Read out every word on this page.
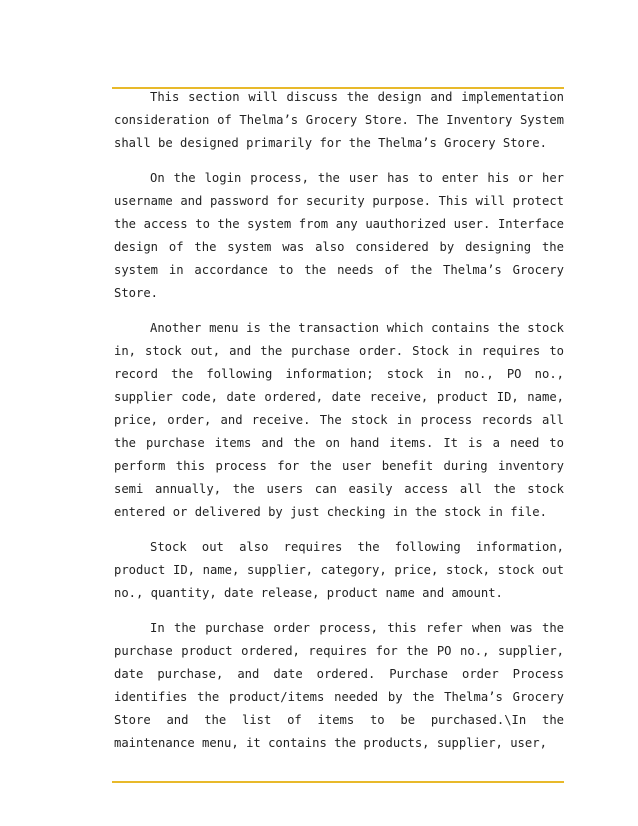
This section will discuss the design and implementation consideration of Thelma’s Grocery Store. The Inventory System shall be designed primarily for the Thelma’s Grocery Store.

On the login process, the user has to enter his or her username and password for security purpose. This will protect the access to the system from any uauthorized user. Interface design of the system was also considered by designing the system in accordance to the needs of the Thelma’s Grocery Store.

Another menu is the transaction which contains the stock in, stock out, and the purchase order. Stock in requires to record the following information; stock in no., PO no., supplier code, date ordered, date receive, product ID, name, price, order, and receive. The stock in process records all the purchase items and the on hand items. It is a need to perform this process for the user benefit during inventory semi annually, the users can easily access all the stock entered or delivered by just checking in the stock in file.

Stock out also requires the following information, product ID, name, supplier, category, price, stock, stock out no., quantity, date release, product name and amount.

In the purchase order process, this refer when was the purchase product ordered, requires for the PO no., supplier, date purchase, and date ordered. Purchase order Process identifies the product/items needed by the Thelma’s Grocery Store and the list of items to be purchased.\In the maintenance menu, it contains the products, supplier, user,
